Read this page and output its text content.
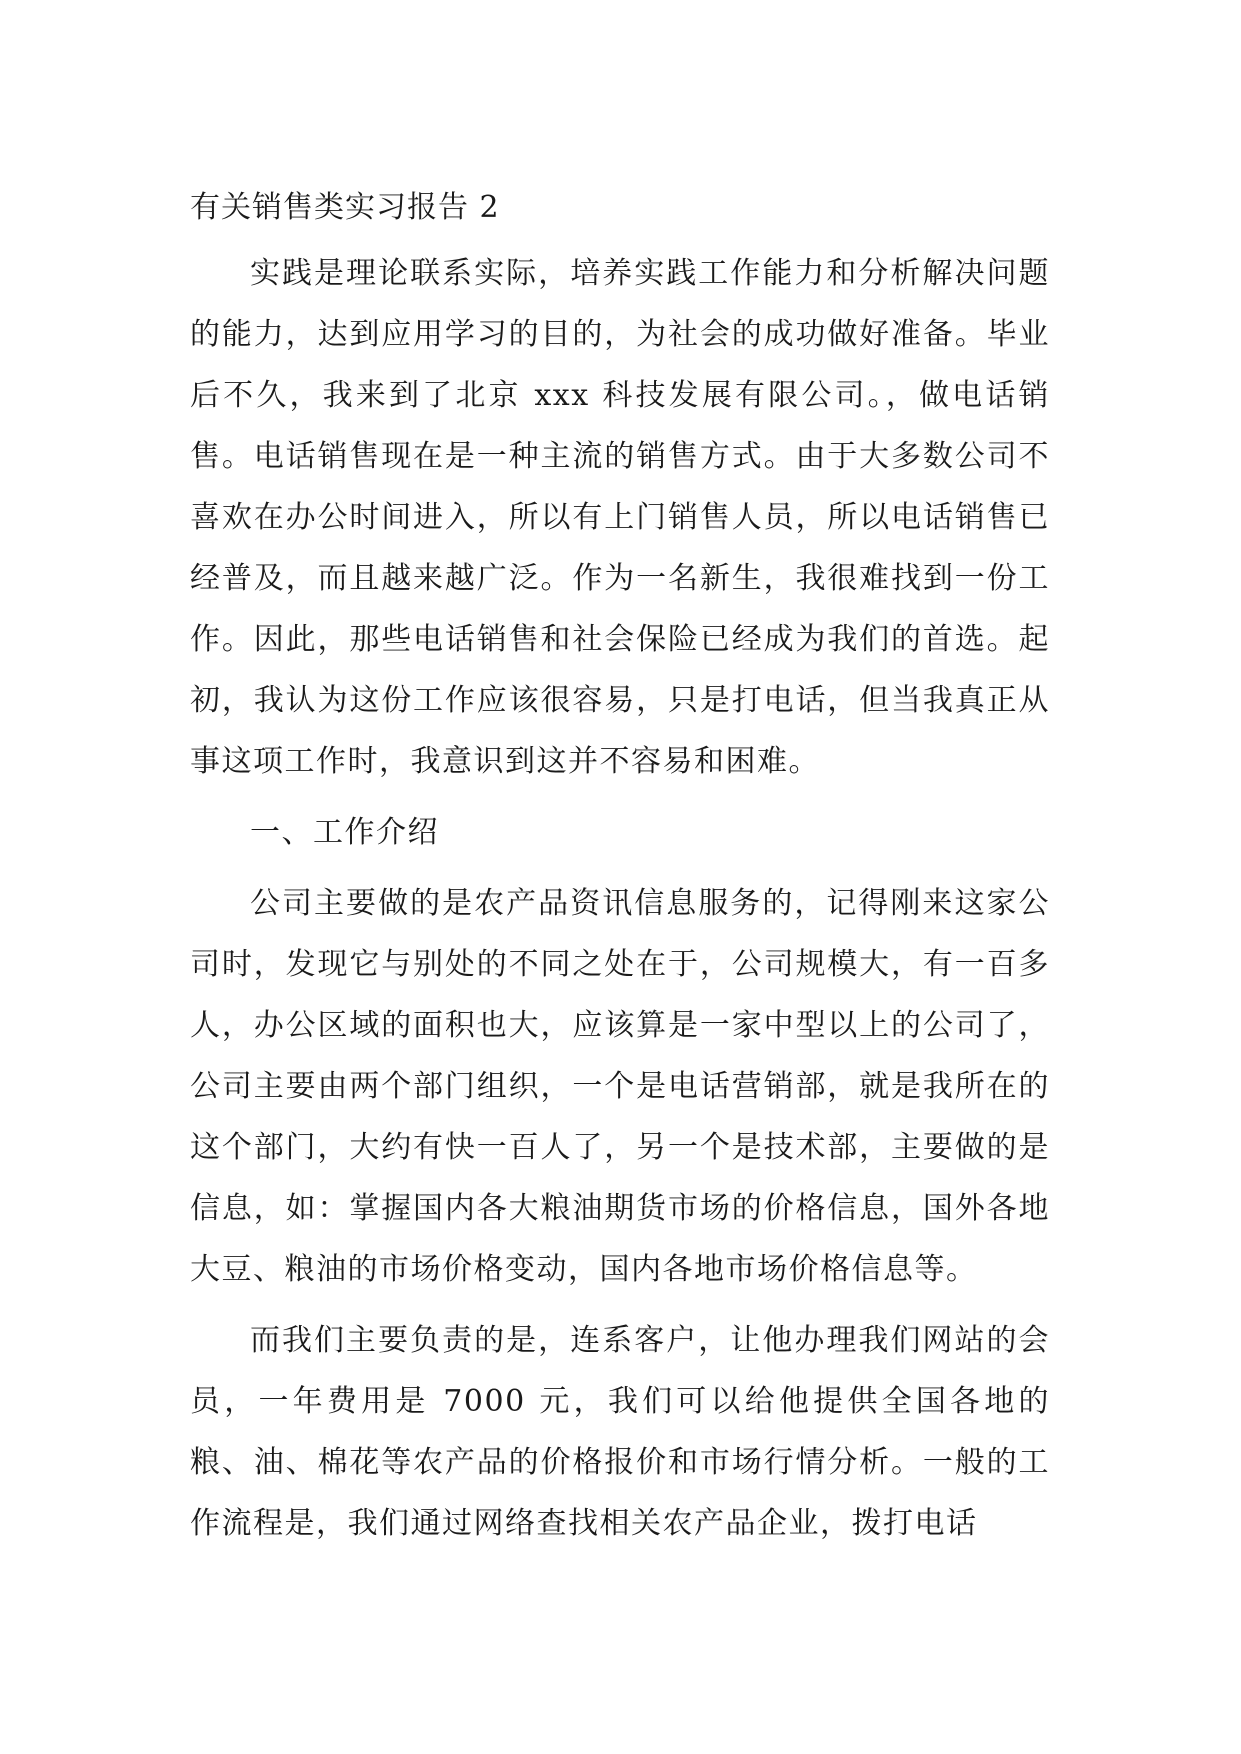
有关销售类实习报告 2

实践是理论联系实际，培养实践工作能力和分析解决问题的能力，达到应用学习的目的，为社会的成功做好准备。毕业后不久，我来到了北京 xxx 科技发展有限公司。，做电话销售。电话销售现在是一种主流的销售方式。由于大多数公司不喜欢在办公时间进入，所以有上门销售人员，所以电话销售已经普及，而且越来越广泛。作为一名新生，我很难找到一份工作。因此，那些电话销售和社会保险已经成为我们的首选。起初，我认为这份工作应该很容易，只是打电话，但当我真正从事这项工作时，我意识到这并不容易和困难。

一、工作介绍

公司主要做的是农产品资讯信息服务的，记得刚来这家公司时，发现它与别处的不同之处在于，公司规模大，有一百多人，办公区域的面积也大，应该算是一家中型以上的公司了，公司主要由两个部门组织，一个是电话营销部，就是我所在的这个部门，大约有快一百人了，另一个是技术部，主要做的是信息，如：掌握国内各大粮油期货市场的价格信息，国外各地大豆、粮油的市场价格变动，国内各地市场价格信息等。

而我们主要负责的是，连系客户，让他办理我们网站的会员，一年费用是 7000 元，我们可以给他提供全国各地的粮、油、棉花等农产品的价格报价和市场行情分析。一般的工作流程是，我们通过网络查找相关农产品企业，拨打电话
